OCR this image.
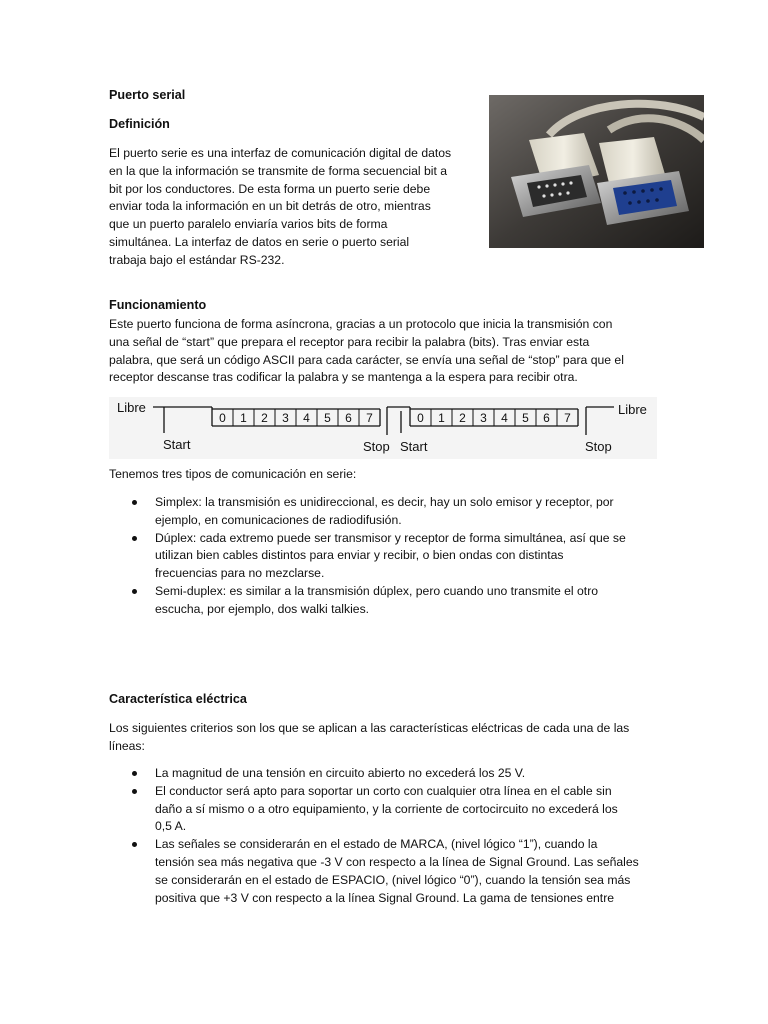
Puerto serial
Definición
El puerto serie es una interfaz de comunicación digital de datos
en la que la información se transmite de forma secuencial bit a
bit por los conductores. De esta forma un puerto serie debe
enviar toda la información en un bit detrás de otro, mientras
que un puerto paralelo enviaría varios bits de forma
simultánea. La interfaz de datos en serie o puerto serial
trabaja bajo el estándar RS-232.
Funcionamiento
Este puerto funciona de forma asíncrona, gracias a un protocolo que inicia la transmisión con
una señal de “start” que prepara el receptor para recibir la palabra (bits). Tras enviar esta
palabra, que será un código ASCII para cada carácter, se envía una señal de “stop” para que el
receptor descanse tras codificar la palabra y se mantenga a la espera para recibir otra.
Libre	Libre
Start	Stop Start	Stop
0 1 2 3 4 5 6 7	0 1 2 3 4 5 6 7
Tenemos tres tipos de comunicación en serie:
Simplex: la transmisión es unidireccional, es decir, hay un solo emisor y receptor, por
ejemplo, en comunicaciones de radiodifusión.
Dúplex: cada extremo puede ser transmisor y receptor de forma simultánea, así que se
utilizan bien cables distintos para enviar y recibir, o bien ondas con distintas
frecuencias para no mezclarse.
Semi-duplex: es similar a la transmisión dúplex, pero cuando uno transmite el otro
escucha, por ejemplo, dos walki talkies.
Característica eléctrica
Los siguientes criterios son los que se aplican a las características eléctricas de cada una de las
líneas:
La magnitud de una tensión en circuito abierto no excederá los 25 V.
El conductor será apto para soportar un corto con cualquier otra línea en el cable sin
daño a sí mismo o a otro equipamiento, y la corriente de cortocircuito no excederá los
0,5 A.
Las señales se considerarán en el estado de MARCA, (nivel lógico “1”), cuando la
tensión sea más negativa que -3 V con respecto a la línea de Signal Ground. Las señales
se considerarán en el estado de ESPACIO, (nivel lógico “0”), cuando la tensión sea más
positiva que +3 V con respecto a la línea Signal Ground. La gama de tensiones entre
